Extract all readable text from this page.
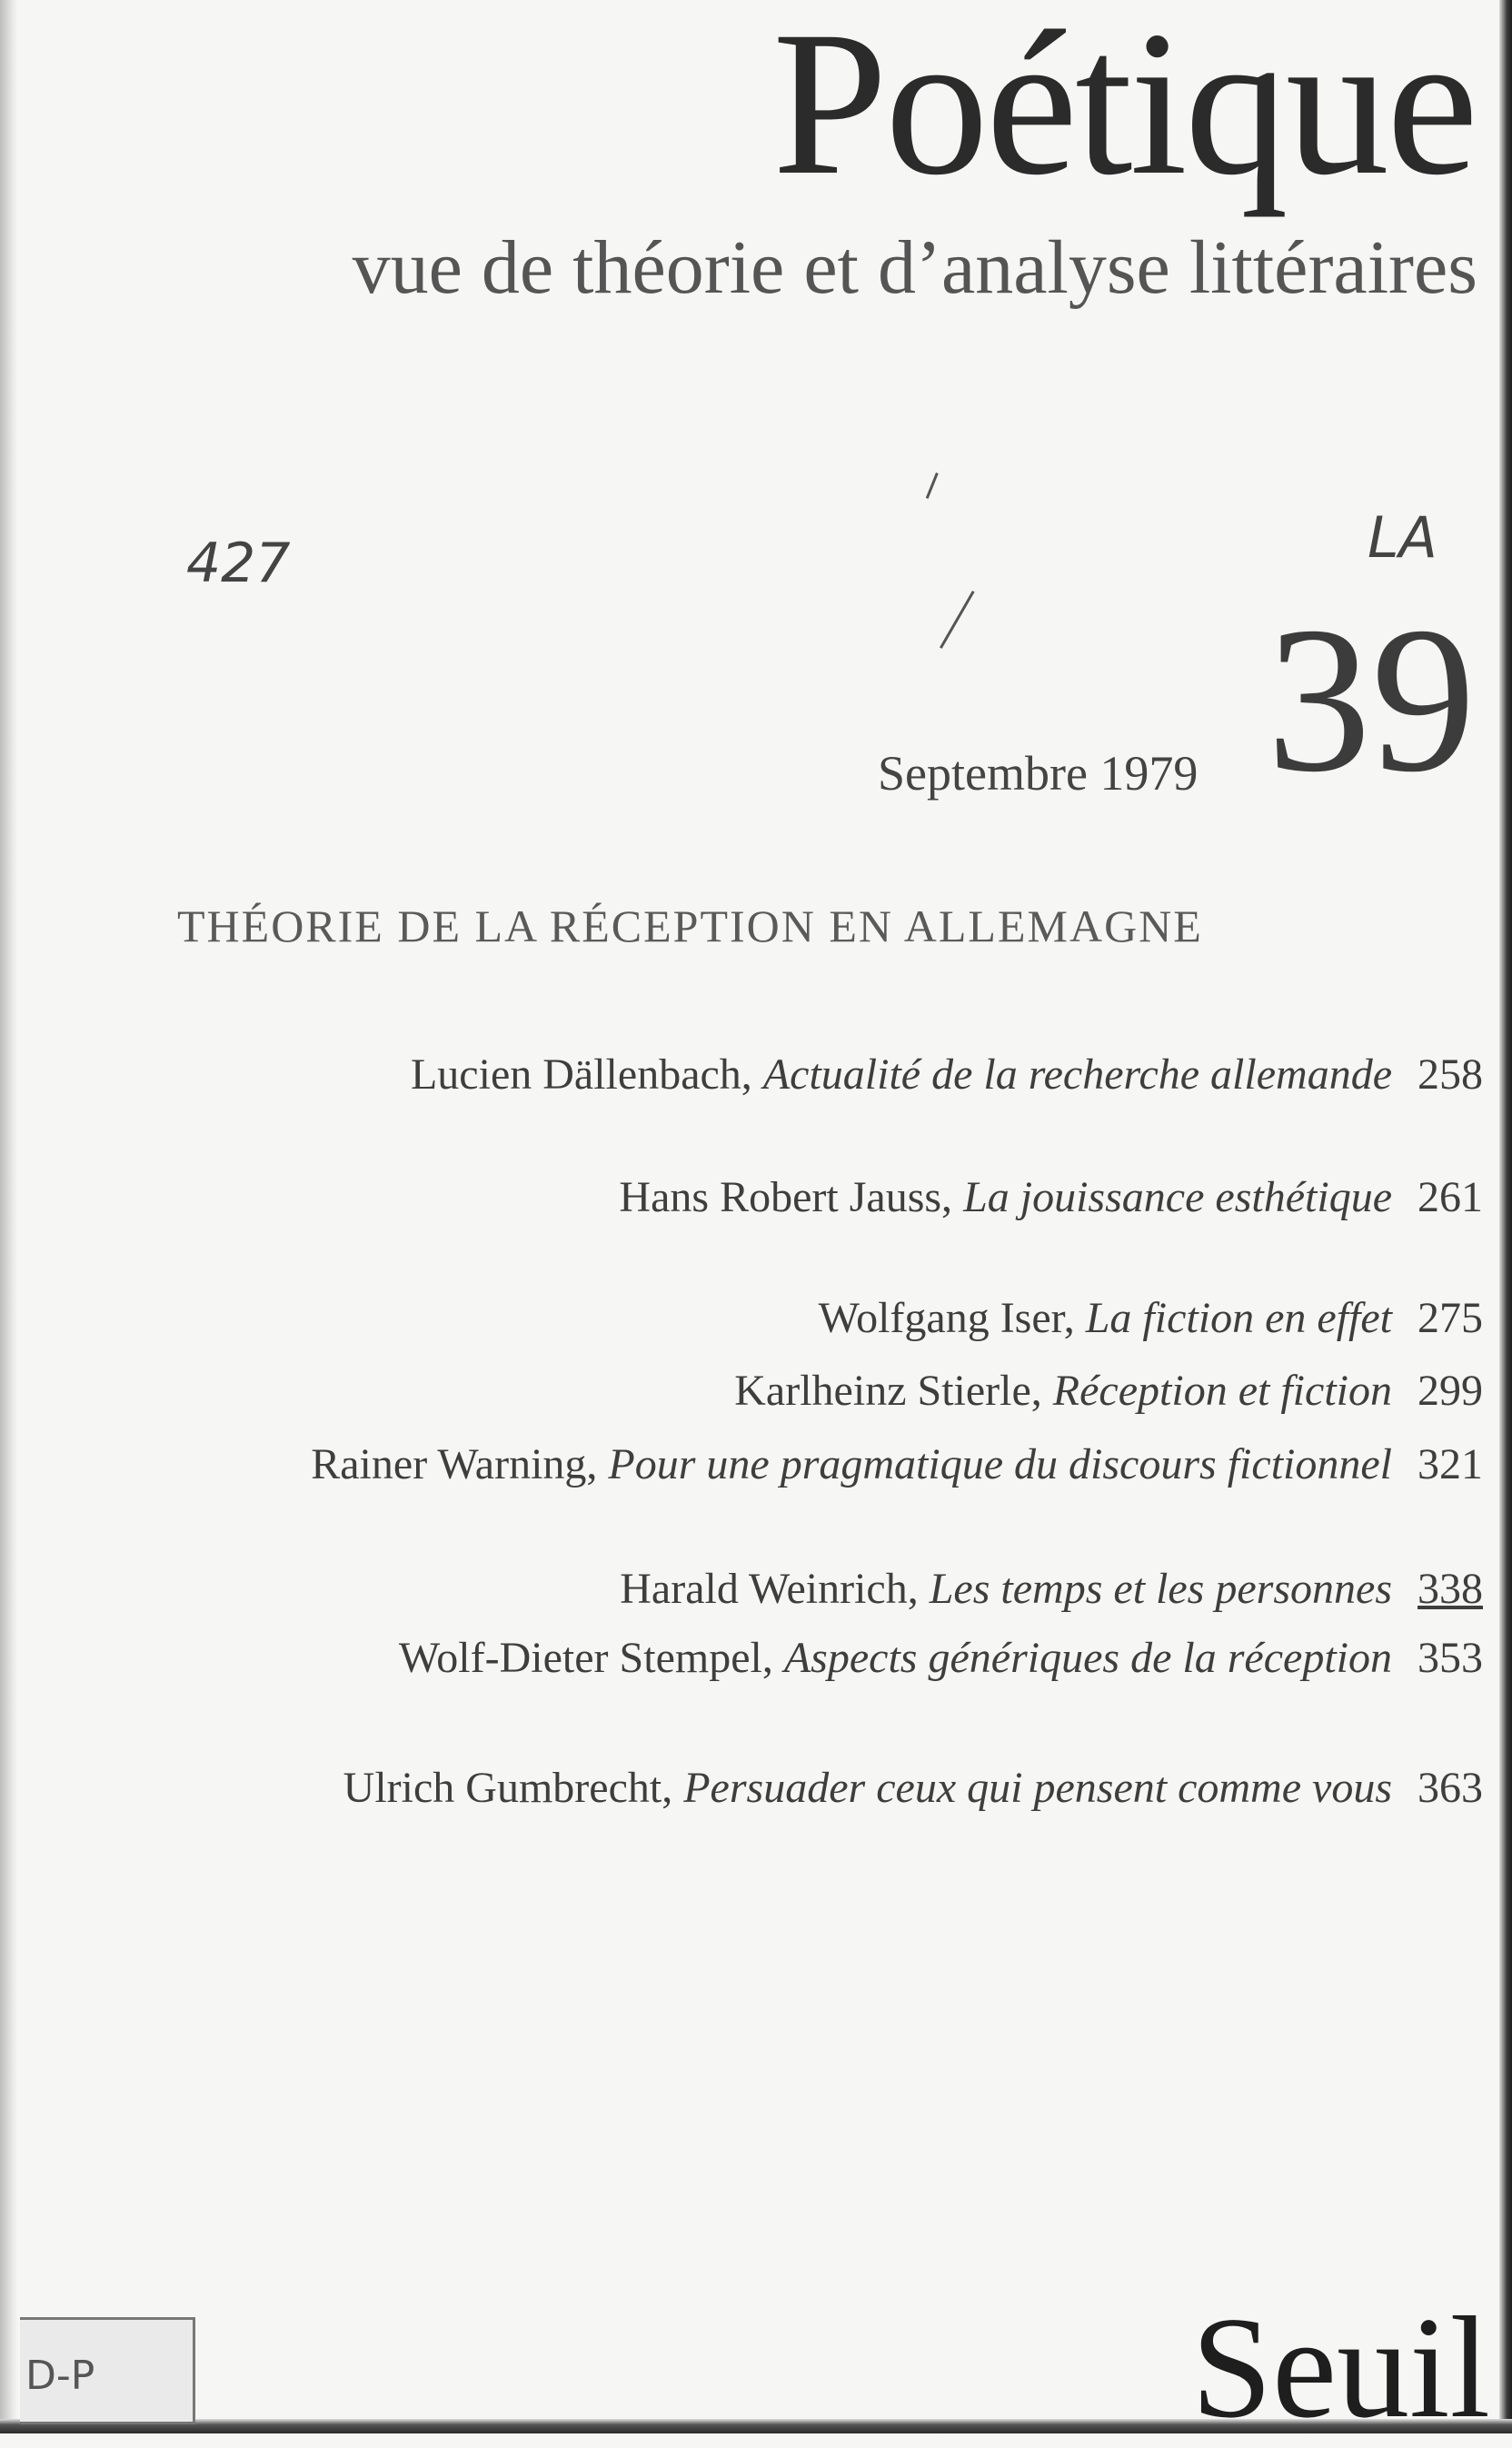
Poétique
vue de théorie et d’analyse littéraires
427	LA
39
Septembre 1979
THÉORIE DE LA RÉCEPTION EN ALLEMAGNE
Lucien Dällenbach, Actualité de la recherche allemande 258
Hans Robert Jauss, La jouissance esthétique 261
Wolfgang Iser, La fiction en effet 275
Karlheinz Stierle, Réception et fiction 299
Rainer Warning, Pour une pragmatique du discours fictionnel 321
Harald Weinrich, Les temps et les personnes 338
Wolf-Dieter Stempel, Aspects génériques de la réception 353
Ulrich Gumbrecht, Persuader ceux qui pensent comme vous 363
Seuil
D-P
